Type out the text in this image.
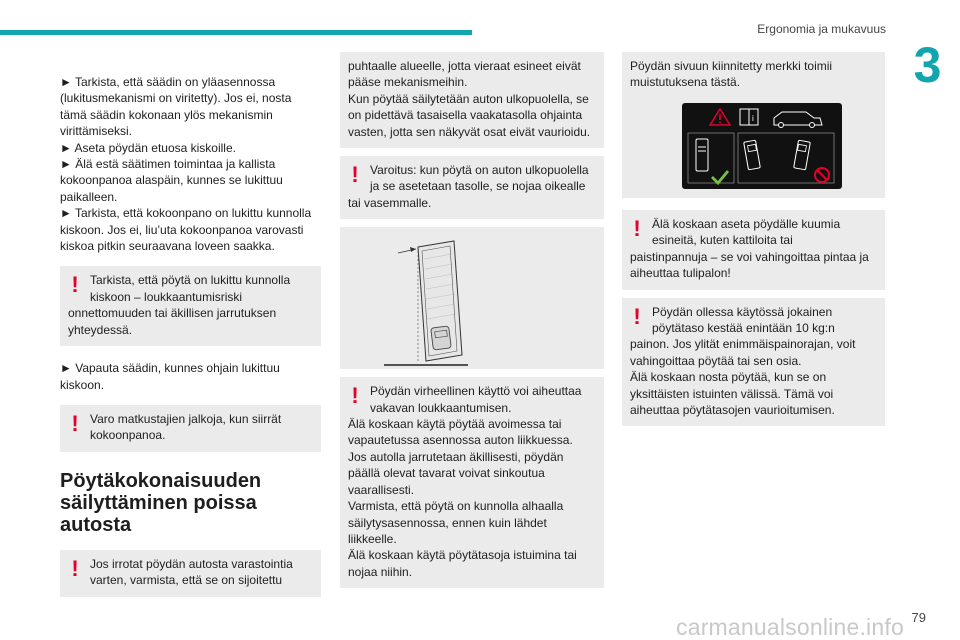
Ergonomia ja mukavuus
3
► Tarkista, että säädin on yläasennossa
(lukitusmekanismi on viritetty). Jos ei, nosta
tämä säädin kokonaan ylös mekanismin
virittämiseksi.
► Aseta pöydän etuosa kiskoille.
► Älä estä säätimen toimintaa ja kallista
kokoonpanoa alaspäin, kunnes se lukittuu
paikalleen.
► Tarkista, että kokoonpano on lukittu kunnolla
kiskoon. Jos ei, liu’uta kokoonpanoa varovasti
kiskoa pitkin seuraavana loveen saakka.
! Tarkista, että pöytä on lukittu kunnolla
kiskoon – loukkaantumisriski
onnettomuuden tai äkillisen jarrutuksen
yhteydessä.
► Vapauta säädin, kunnes ohjain lukittuu
kiskoon.
! Varo matkustajien jalkoja, kun siirrät
kokoonpanoa.
Pöytäkokonaisuuden
säilyttäminen poissa
autosta
! Jos irrotat pöydän autosta varastointia
varten, varmista, että se on sijoitettu
puhtaalle alueelle, jotta vieraat esineet eivät
pääse mekanismeihin.
Kun pöytää säilytetään auton ulkopuolella, se
on pidettävä tasaisella vaakatasolla ohjainta
vasten, jotta sen näkyvät osat eivät vaurioidu.
! Varoitus: kun pöytä on auton ulkopuolella
ja se asetetaan tasolle, se nojaa oikealle
tai vasemmalle.
! Pöydän virheellinen käyttö voi aiheuttaa
vakavan loukkaantumisen.
Älä koskaan käytä pöytää avoimessa tai
vapautetussa asennossa auton liikkuessa.
Jos autolla jarrutetaan äkillisesti, pöydän
päällä olevat tavarat voivat sinkoutua
vaarallisesti.
Varmista, että pöytä on kunnolla alhaalla
säilytysasennossa, ennen kuin lähdet
liikkeelle.
Älä koskaan käytä pöytätasoja istuimina tai
nojaa niihin.
Pöydän sivuun kiinnitetty merkki toimii
muistutuksena tästä.
i
! Älä koskaan aseta pöydälle kuumia
esineitä, kuten kattiloita tai
paistinpannuja – se voi vahingoittaa pintaa ja
aiheuttaa tulipalon!
! Pöydän ollessa käytössä jokainen
pöytätaso kestää enintään 10 kg:n
painon. Jos ylität enimmäispainorajan, voit
vahingoittaa pöytää tai sen osia.
Älä koskaan nosta pöytää, kun se on
yksittäisten istuinten välissä. Tämä voi
aiheuttaa pöytätasojen vaurioitumisen.
carmanualsonline.info 79
